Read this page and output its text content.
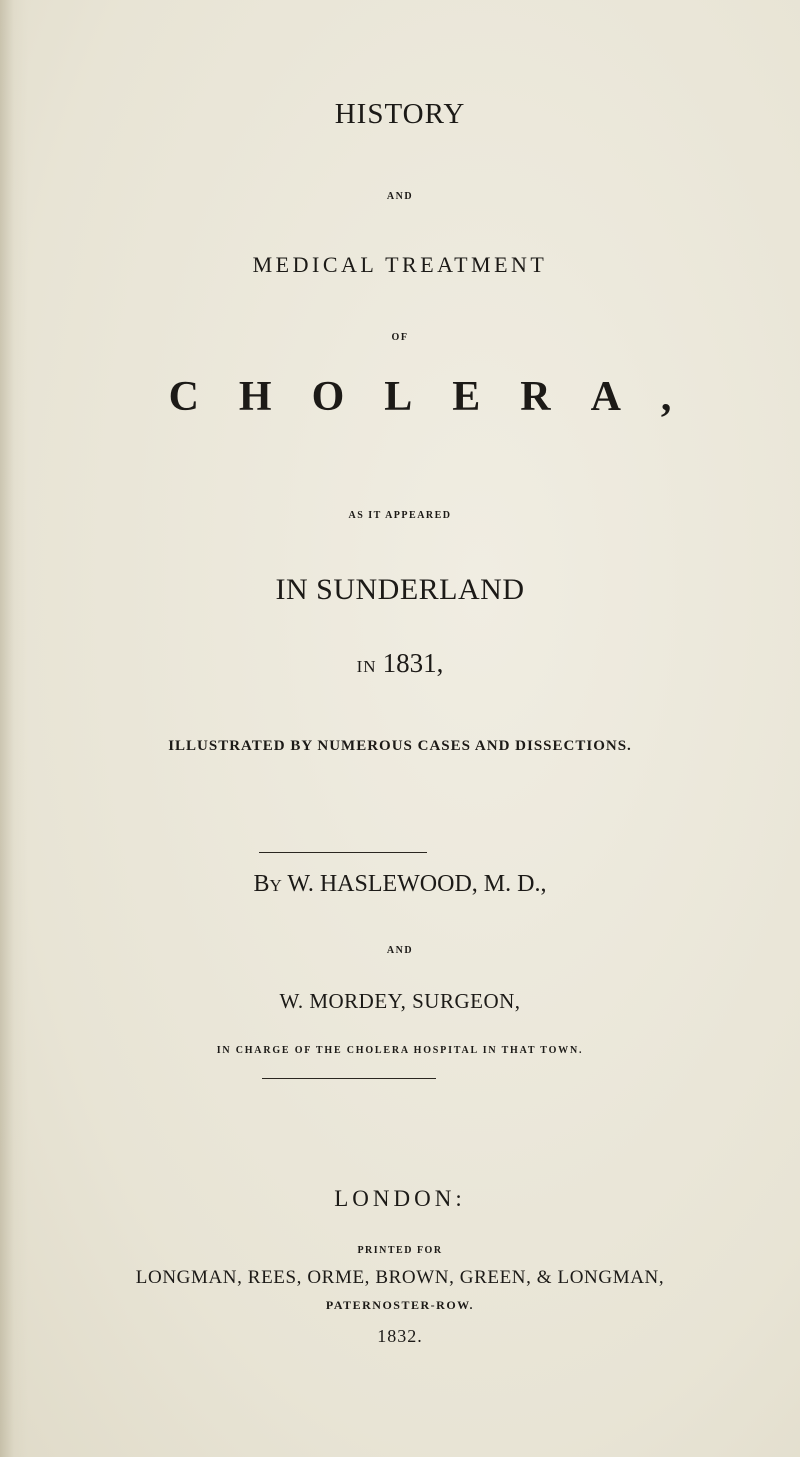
HISTORY
AND
MEDICAL TREATMENT
OF
CHOLERA,
AS IT APPEARED
IN SUNDERLAND
IN 1831,
ILLUSTRATED BY NUMEROUS CASES AND DISSECTIONS.
By W. HASLEWOOD, M. D.,
AND
W. MORDEY, SURGEON,
IN CHARGE OF THE CHOLERA HOSPITAL IN THAT TOWN.
LONDON:
PRINTED FOR
LONGMAN, REES, ORME, BROWN, GREEN, & LONGMAN,
PATERNOSTER-ROW.
1832.
